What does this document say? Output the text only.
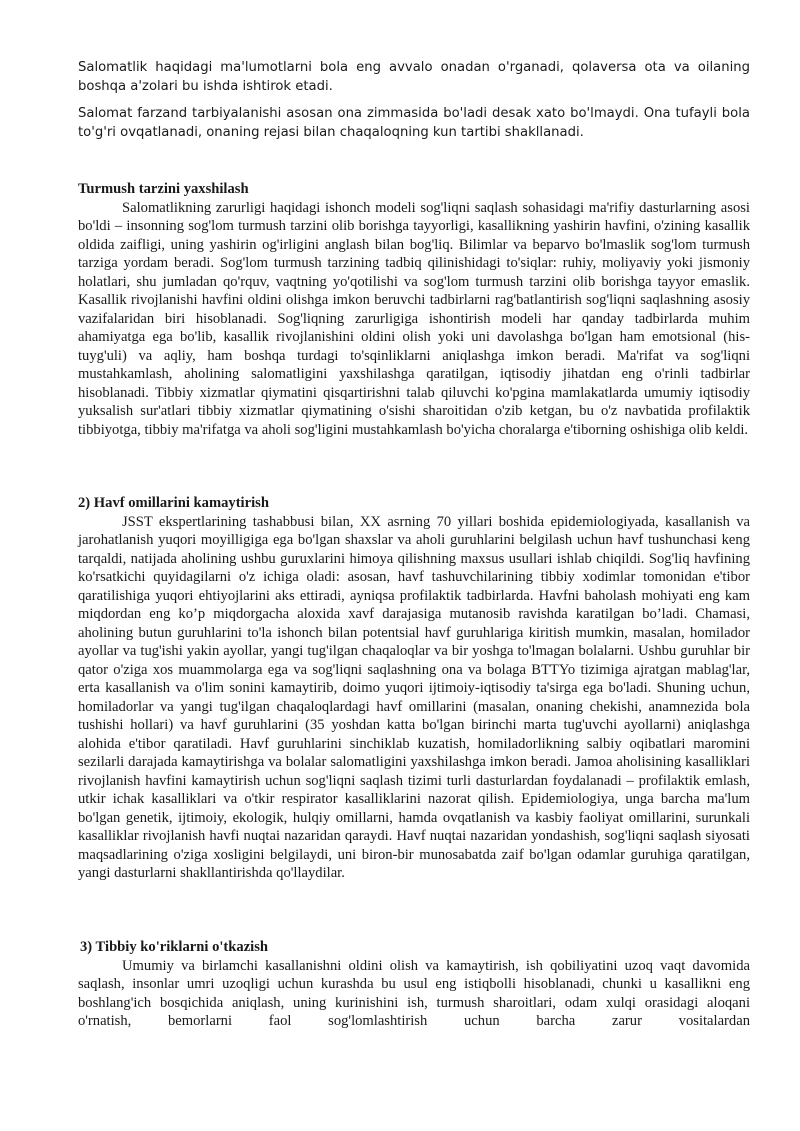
Salomatlik haqidagi ma'lumotlarni bola eng avvalo onadan o'rganadi, qolaversa ota va oilaning boshqa a'zolari bu ishda ishtirok etadi.

Salomat farzand tarbiyalanishi asosan ona zimmasida bo'ladi desak xato bo'lmaydi. Ona tufayli bola to'g'ri ovqatlanadi, onaning rejasi bilan chaqaloqning kun tartibi shakllanadi.

Turmush tarzini yaxshilash

Salomatlikning zarurligi haqidagi ishonch modeli sog'liqni saqlash sohasidagi ma'rifiy dasturlarning asosi bo'ldi – insonning sog'lom turmush tarzini olib borishga tayyorligi, kasallikning yashirin havfini, o'zining kasallik oldida zaifligi, uning yashirin og'irligini anglash bilan bog'liq. Bilimlar va beparvo bo'lmaslik sog'lom turmush tarziga yordam beradi. Sog'lom turmush tarzining tadbiq qilinishidagi to'siqlar: ruhiy, moliyaviy yoki jismoniy holatlari, shu jumladan qo'rquv, vaqtning yo'qotilishi va sog'lom turmush tarzini olib borishga tayyor emaslik. Kasallik rivojlanishi havfini oldini olishga imkon beruvchi tadbirlarni rag'batlantirish sog'liqni saqlashning asosiy vazifalaridan biri hisoblanadi. Sog'liqning zarurligiga ishontirish modeli har qanday tadbirlarda muhim ahamiyatga ega bo'lib, kasallik rivojlanishini oldini olish yoki uni davolashga bo'lgan ham emotsional (his-tuyg'uli) va aqliy, ham boshqa turdagi to'sqinliklarni aniqlashga imkon beradi. Ma'rifat va sog'liqni mustahkamlash, aholining salomatligini yaxshilashga qaratilgan, iqtisodiy jihatdan eng o'rinli tadbirlar hisoblanadi. Tibbiy xizmatlar qiymatini qisqartirishni talab qiluvchi ko'pgina mamlakatlarda umumiy iqtisodiy yuksalish sur'atlari tibbiy xizmatlar qiymatining o'sishi sharoitidan o'zib ketgan, bu o'z navbatida profilaktik tibbiyotga, tibbiy ma'rifatga va aholi sog'ligini mustahkamlash bo'yicha choralarga e'tiborning oshishiga olib keldi.

2) Havf omillarini kamaytirish

JSST ekspertlarining tashabbusi bilan, XX asrning 70 yillari boshida epidemiologiyada, kasallanish va jarohatlanish yuqori moyilligiga ega bo'lgan shaxslar va aholi guruhlarini belgilash uchun havf tushunchasi keng tarqaldi, natijada aholining ushbu guruxlarini himoya qilishning maxsus usullari ishlab chiqildi. Sog'liq havfining ko'rsatkichi quyidagilarni o'z ichiga oladi: asosan, havf tashuvchilarining tibbiy xodimlar tomonidan e'tibor qaratilishiga yuqori ehtiyojlarini aks ettiradi, ayniqsa profilaktik tadbirlarda. Havfni baholash mohiyati eng kam miqdordan eng ko’p miqdorgacha aloxida xavf darajasiga mutanosib ravishda karatilgan bo’ladi. Chamasi, aholining butun guruhlarini to'la ishonch bilan potentsial havf guruhlariga kiritish mumkin, masalan, homilador ayollar va tug'ishi yakin ayollar, yangi tug'ilgan chaqaloqlar va bir yoshga to'lmagan bolalarni. Ushbu guruhlar bir qator o'ziga xos muammolarga ega va sog'liqni saqlashning ona va bolaga BTTYo tizimiga ajratgan mablag'lar, erta kasallanish va o'lim sonini kamaytirib, doimo yuqori ijtimoiy-iqtisodiy ta'sirga ega bo'ladi. Shuning uchun, homiladorlar va yangi tug'ilgan chaqaloqlardagi havf omillarini (masalan, onaning chekishi, anamnezida bola tushishi hollari) va havf guruhlarini (35 yoshdan katta bo'lgan birinchi marta tug'uvchi ayollarni) aniqlashga alohida e'tibor qaratiladi. Havf guruhlarini sinchiklab kuzatish, homiladorlikning salbiy oqibatlari maromini sezilarli darajada kamaytirishga va bolalar salomatligini yaxshilashga imkon beradi. Jamoa aholisining kasalliklari rivojlanish havfini kamaytirish uchun sog'liqni saqlash tizimi turli dasturlardan foydalanadi – profilaktik emlash, utkir ichak kasalliklari va o'tkir respirator kasalliklarini nazorat qilish. Epidemiologiya, unga barcha ma'lum bo'lgan genetik, ijtimoiy, ekologik, hulqiy omillarni, hamda ovqatlanish va kasbiy faoliyat omillarini, surunkali kasalliklar rivojlanish havfi nuqtai nazaridan qaraydi. Havf nuqtai nazaridan yondashish, sog'liqni saqlash siyosati maqsadlarining o'ziga xosligini belgilaydi, uni biron-bir munosabatda zaif bo'lgan odamlar guruhiga qaratilgan, yangi dasturlarni shakllantirishda qo'llaydilar.

3) Tibbiy ko'riklarni o'tkazish

Umumiy va birlamchi kasallanishni oldini olish va kamaytirish, ish qobiliyatini uzoq vaqt davomida saqlash, insonlar umri uzoqligi uchun kurashda bu usul eng istiqbolli hisoblanadi, chunki u kasallikni eng boshlang'ich bosqichida aniqlash, uning kurinishini ish, turmush sharoitlari, odam xulqi orasidagi aloqani o'rnatish, bemorlarni faol sog'lomlashtirish uchun barcha zarur vositalardan
